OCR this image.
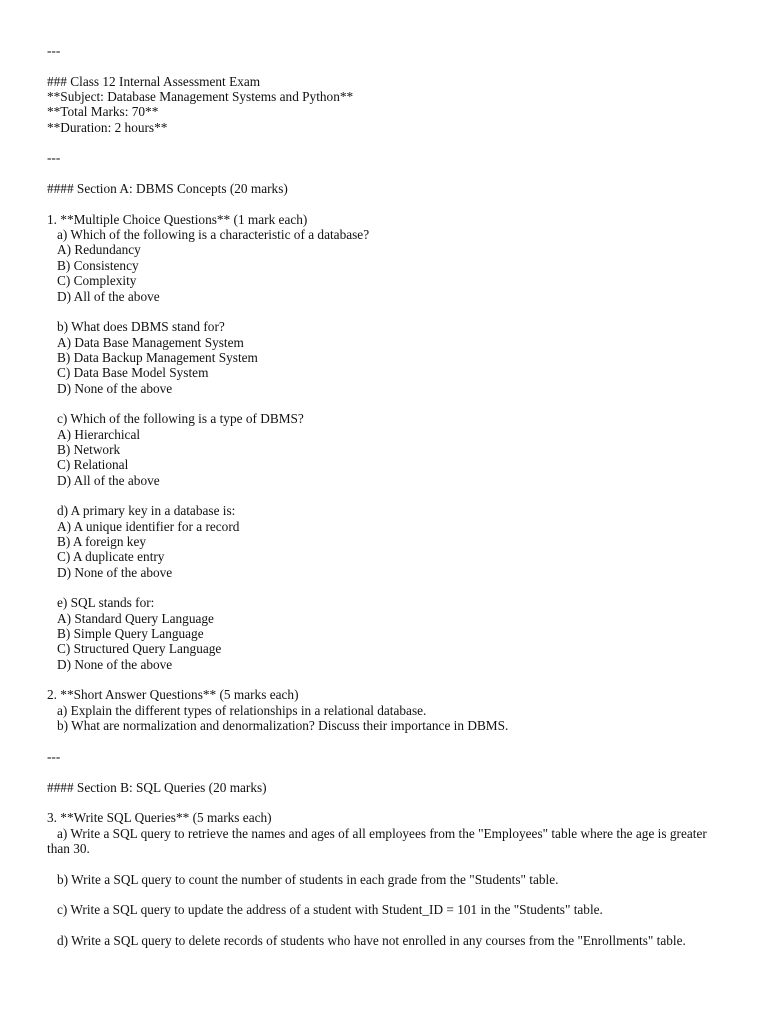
---
### Class 12 Internal Assessment Exam
**Subject: Database Management Systems and Python**
**Total Marks: 70**
**Duration: 2 hours**
---
#### Section A: DBMS Concepts (20 marks)
1. **Multiple Choice Questions** (1 mark each)
a) Which of the following is a characteristic of a database?
A) Redundancy
B) Consistency
C) Complexity
D) All of the above
b) What does DBMS stand for?
A) Data Base Management System
B) Data Backup Management System
C) Data Base Model System
D) None of the above
c) Which of the following is a type of DBMS?
A) Hierarchical
B) Network
C) Relational
D) All of the above
d) A primary key in a database is:
A) A unique identifier for a record
B) A foreign key
C) A duplicate entry
D) None of the above
e) SQL stands for:
A) Standard Query Language
B) Simple Query Language
C) Structured Query Language
D) None of the above
2. **Short Answer Questions** (5 marks each)
a) Explain the different types of relationships in a relational database.
b) What are normalization and denormalization? Discuss their importance in DBMS.
---
#### Section B: SQL Queries (20 marks)
3. **Write SQL Queries** (5 marks each)
a) Write a SQL query to retrieve the names and ages of all employees from the "Employees" table where the age is greater than 30.
b) Write a SQL query to count the number of students in each grade from the "Students" table.
c) Write a SQL query to update the address of a student with Student_ID = 101 in the "Students" table.
d) Write a SQL query to delete records of students who have not enrolled in any courses from the "Enrollments" table.
